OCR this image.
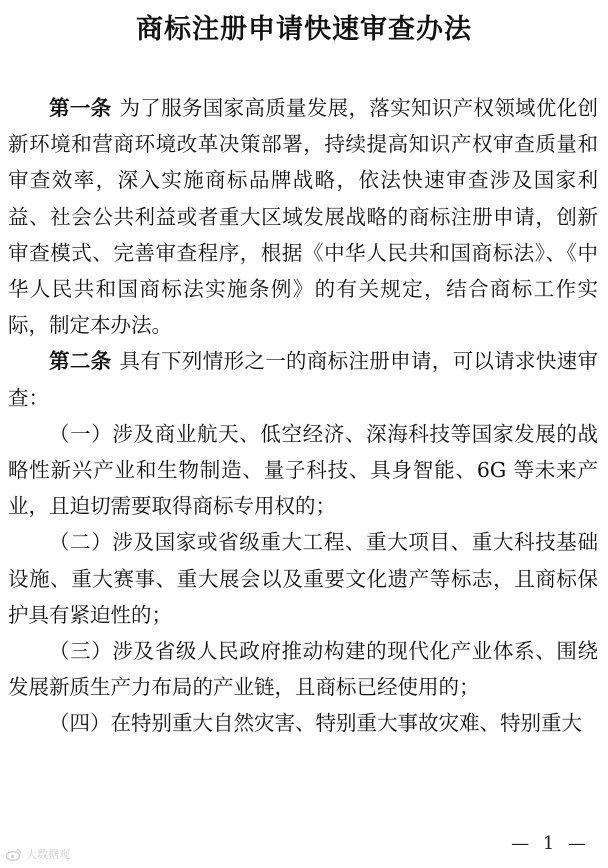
商标注册申请快速审查办法

第一条 为了服务国家高质量发展，落实知识产权领域优化创新环境和营商环境改革决策部署，持续提高知识产权审查质量和审查效率，深入实施商标品牌战略，依法快速审查涉及国家利益、社会公共利益或者重大区域发展战略的商标注册申请，创新审查模式、完善审查程序，根据《中华人民共和国商标法》、《中华人民共和国商标法实施条例》的有关规定，结合商标工作实际，制定本办法。

第二条 具有下列情形之一的商标注册申请，可以请求快速审查：

（一）涉及商业航天、低空经济、深海科技等国家发展的战略性新兴产业和生物制造、量子科技、具身智能、6G 等未来产业，且迫切需要取得商标专用权的；

（二）涉及国家或省级重大工程、重大项目、重大科技基础设施、重大赛事、重大展会以及重要文化遗产等标志，且商标保护具有紧迫性的；

（三）涉及省级人民政府推动构建的现代化产业体系、围绕发展新质生产力布局的产业链，且商标已经使用的；

（四）在特别重大自然灾害、特别重大事故灾难、特别重大

— 1 —
大数据观
